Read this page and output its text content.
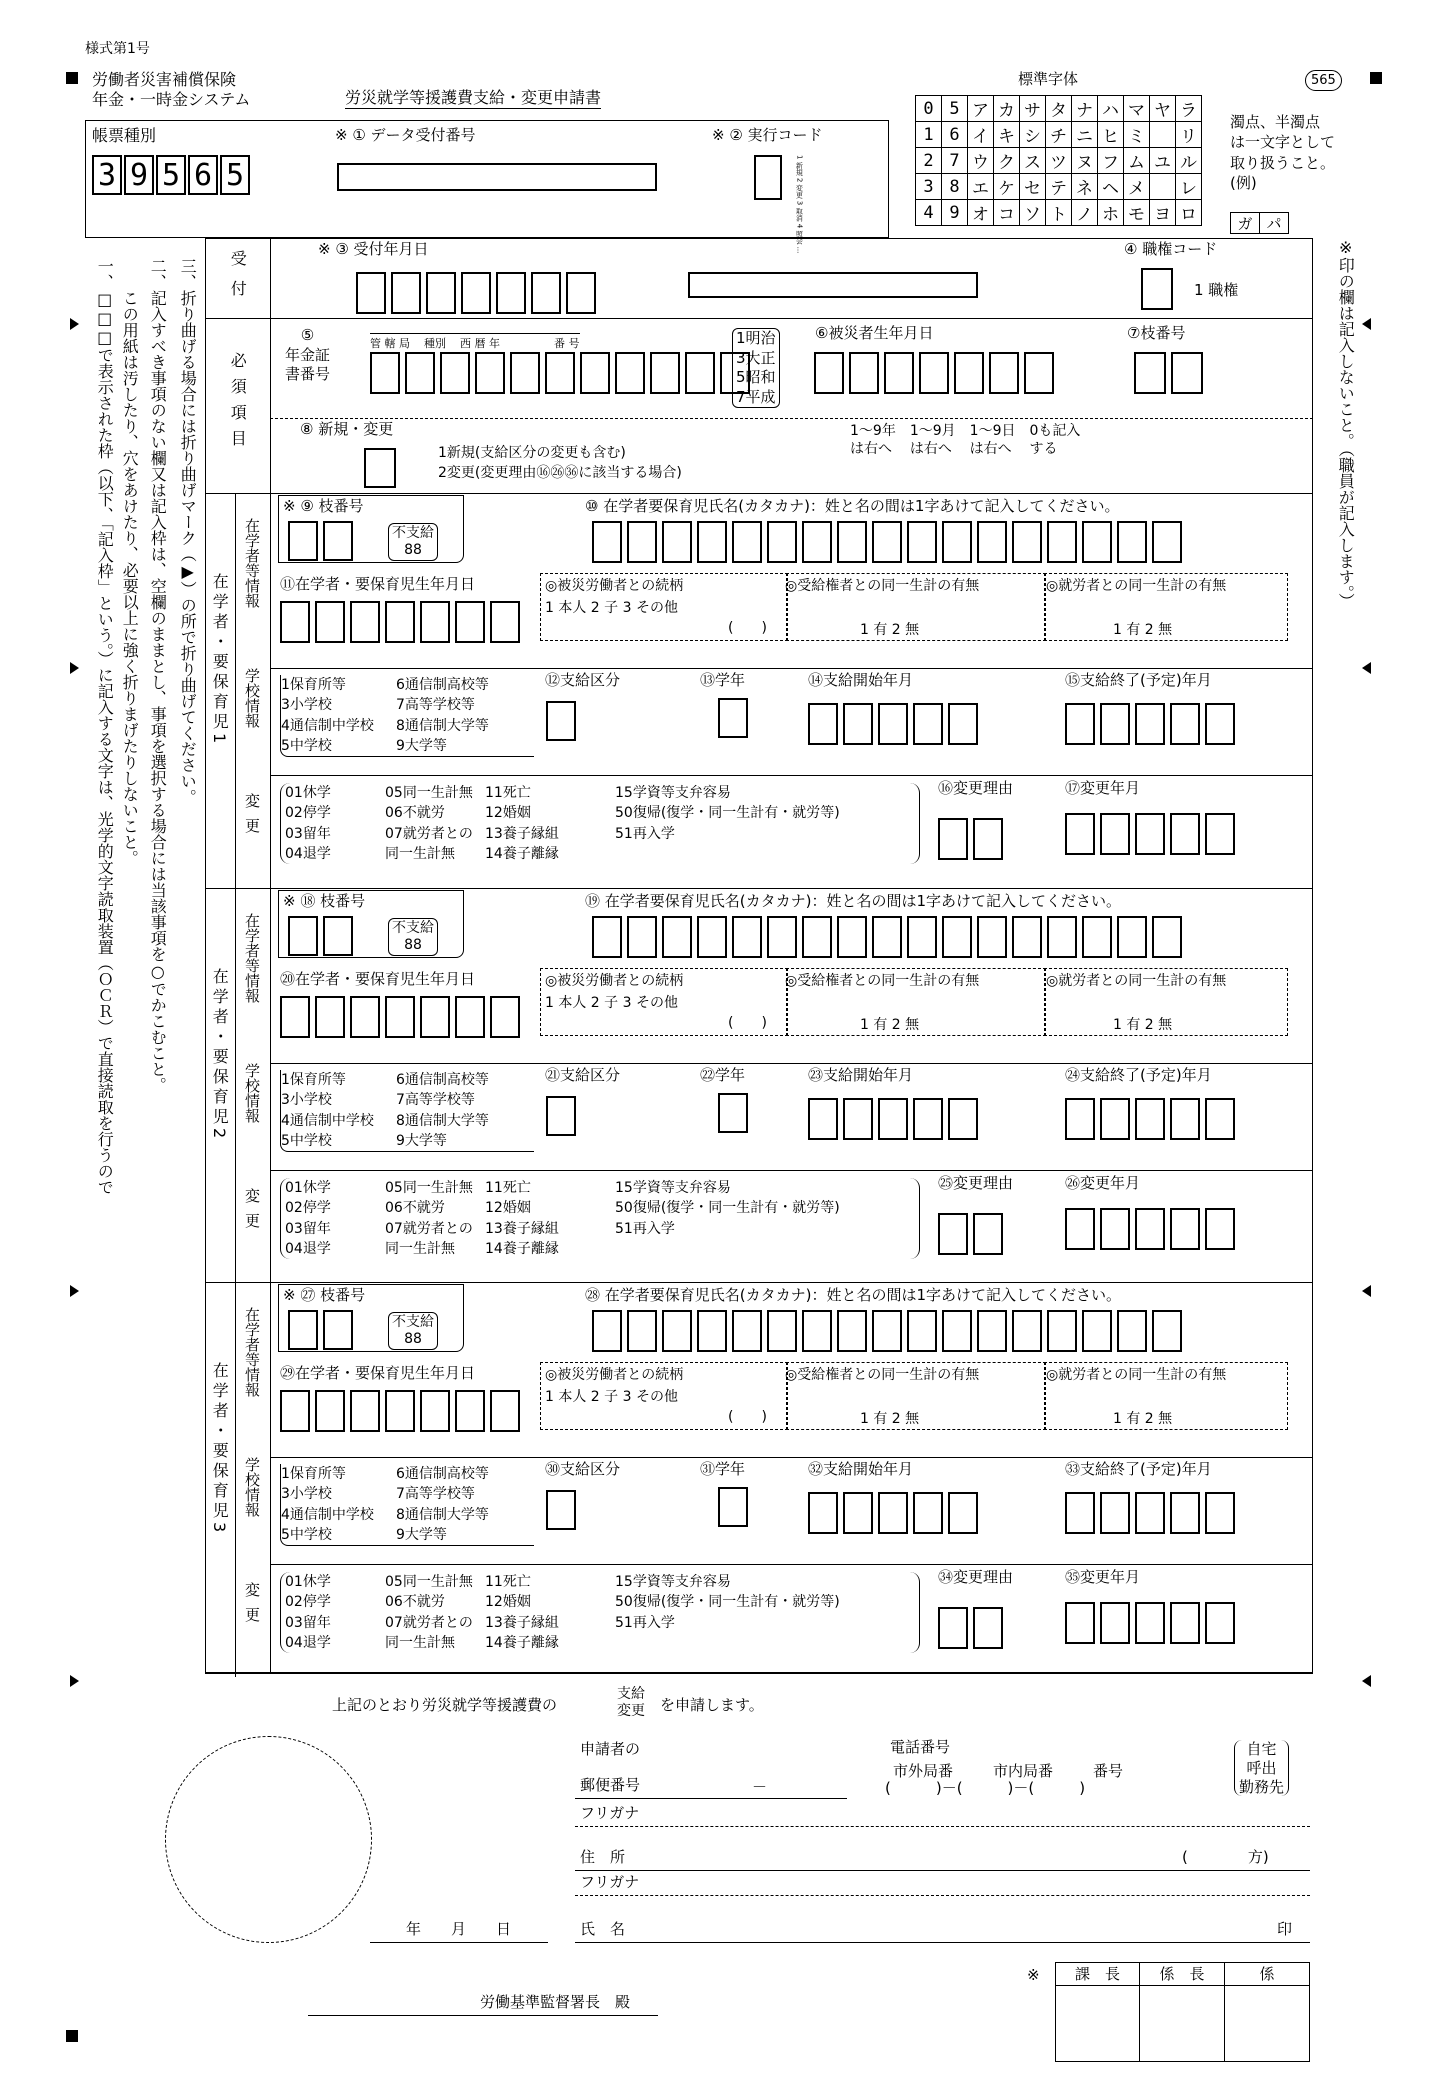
様式第1号
労働者災害補償保険
年金・一時金システム	労災就学等援護費支給・変更申請書
標準字体	565
0	5	ア	カ	サ	タ	ナ	ハ	マ	ヤ	ラ
1	6	イ	キ	シ	チ	ニ	ヒ	ミ		リ
2	7	ウ	ク	ス	ツ	ヌ	フ	ム	ユ	ル
3	8	エ	ケ	セ	テ	ネ	ヘ	メ		レ
4	9	オ	コ	ソ	ト	ノ	ホ	モ	ヨ	ロ
濁点、半濁点
は一文字として
取り扱うこと。
(例)
ガ パ
帳票種別
3 9 5 6 5
※ ① データ受付番号	※ ② 実行コード
1 新規 2 変更 3 取消 4 照会 ...
一、□□□で表示された枠（以下、「記入枠」という。）に記入する文字は、光学的文字読取装置（ＯＣＲ）で直接読取を行うので この用紙は汚したり、穴をあけたり、必要以上に強く折りまげたりしないこと。 二、記入すべき事項のない欄又は記入枠は、空欄のままとし、事項を選択する場合には当該事項を○でかこむこと。 三、折り曲げる場合には折り曲げマーク（▶）の所で折り曲げてください。	※印の欄は記入しないこと。（職員が記入します。）
受付
※ ③ 受付年月日	④ 職権コード
1 職権
必須項目
⑤
年金証
書番号
管 轄 局 種別 西 暦 年	番 号	1明治
3大正
5昭和
7平成
⑥被災者生年月日	⑦枝番号
⑧ 新規・変更
1新規(支給区分の変更も含む)
2変更(変更理由⑯㉖㊱に該当する場合)
1～9年
は右へ
1～9月
は右へ
1～9日
は右へ
0も記入
する
在学者・要保育児1
在学者等情報
学校情報
変更
※ ⑨ 枝番号
不支給
88
⑩ 在学者要保育児氏名(カタカナ)：姓と名の間は1字あけて記入してください。
⑪在学者・要保育児生年月日	◎被災労働者との続柄
1 本人 2 子 3 その他
(　　)
◎受給権者との同一生計の有無
1 有 2 無
◎就労者との同一生計の有無
1 有 2 無
1保育所等	6通信制高校等
3小学校	7高等学校等
4通信制中学校	8通信制大学等
5中学校	9大学等
⑫支給区分	⑬学年	⑭支給開始年月	⑮支給終了(予定)年月
01休学	05同一生計無 11死亡	15学資等支弁容易
02停学	06不就労	12婚姻	50復帰(復学・同一生計有・就労等)
03留年	07就労者との 13養子縁組	51再入学
04退学	同一生計無	14養子離縁
⑯変更理由	⑰変更年月
在学者・要保育児2
在学者等情報
学校情報
変更
※ ⑱ 枝番号
不支給
88
⑲ 在学者要保育児氏名(カタカナ)：姓と名の間は1字あけて記入してください。
⑳在学者・要保育児生年月日	◎被災労働者との続柄
1 本人 2 子 3 その他
(　　)
◎受給権者との同一生計の有無
1 有 2 無
◎就労者との同一生計の有無
1 有 2 無
1保育所等	6通信制高校等
3小学校	7高等学校等
4通信制中学校	8通信制大学等
5中学校	9大学等
㉑支給区分	㉒学年	㉓支給開始年月	㉔支給終了(予定)年月
01休学	05同一生計無 11死亡	15学資等支弁容易
02停学	06不就労	12婚姻	50復帰(復学・同一生計有・就労等)
03留年	07就労者との 13養子縁組	51再入学
04退学	同一生計無	14養子離縁
㉕変更理由	㉖変更年月
在学者・要保育児3
在学者等情報
学校情報
変更
※ ㉗ 枝番号
不支給
88
㉘ 在学者要保育児氏名(カタカナ)：姓と名の間は1字あけて記入してください。
㉙在学者・要保育児生年月日	◎被災労働者との続柄
1 本人 2 子 3 その他
(　　)
◎受給権者との同一生計の有無
1 有 2 無
◎就労者との同一生計の有無
1 有 2 無
1保育所等	6通信制高校等
3小学校	7高等学校等
4通信制中学校	8通信制大学等
5中学校	9大学等
㉚支給区分	㉛学年	㉜支給開始年月	㉝支給終了(予定)年月
01休学	05同一生計無 11死亡	15学資等支弁容易
02停学	06不就労	12婚姻	50復帰(復学・同一生計有・就労等)
03留年	07就労者との 13養子縁組	51再入学
04退学	同一生計無	14養子離縁
㉞変更理由	㉟変更年月
上記のとおり労災就学等援護費の
支給
変更 を申請します。
申請者の
郵便番号	－
電話番号
市外局番	市内局番	番号
(　　　)－(　　　)－(　　　)
自宅
呼出
勤務先
フリガナ
住　所	(　　　　方)
フリガナ
年　　月　　日	氏　名	印
※	課　長	係　長	係
労働基準監督署長　殿
